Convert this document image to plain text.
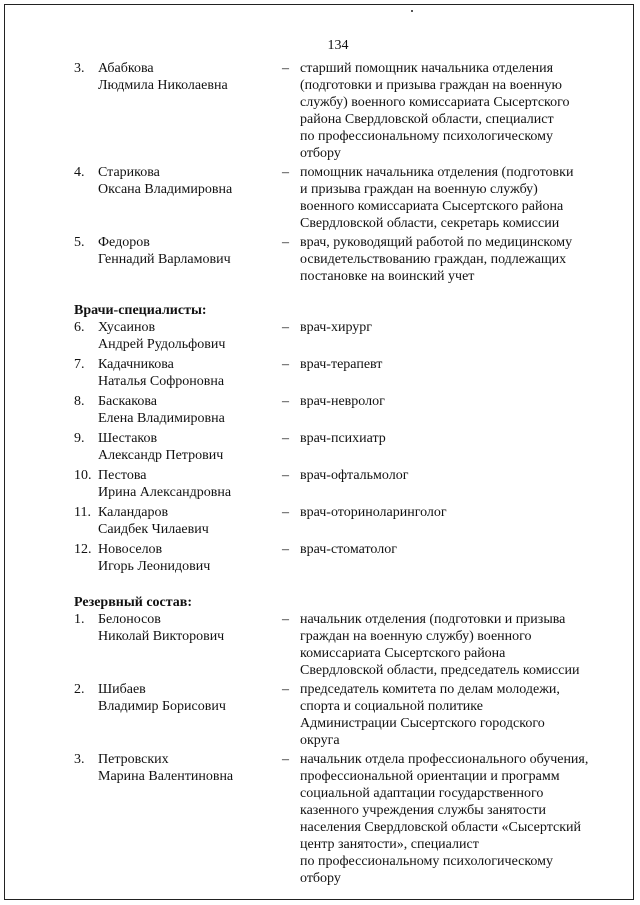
134
3. Абабкова
Людмила Николаевна
– старший помощник начальника отделения
(подготовки и призыва граждан на военную
службу) военного комиссариата Сысертского
района Свердловской области, специалист
по профессиональному психологическому
отбору
4. Старикова
Оксана Владимировна
– помощник начальника отделения (подготовки
и призыва граждан на военную службу)
военного комиссариата Сысертского района
Свердловской области, секретарь комиссии
5. Федоров
Геннадий Варламович
– врач, руководящий работой по медицинскому
освидетельствованию граждан, подлежащих
постановке на воинский учет
Врачи-специалисты:
6. Хусаинов
Андрей Рудольфович
– врач-хирург
7. Кадачникова
Наталья Софроновна
– врач-терапевт
8. Баскакова
Елена Владимировна
– врач-невролог
9. Шестаков
Александр Петрович
– врач-психиатр
10. Пестова
Ирина Александровна
– врач-офтальмолог
11. Каландаров
Саидбек Чилаевич
– врач-оториноларинголог
12. Новоселов
Игорь Леонидович
– врач-стоматолог
Резервный состав:
1. Белоносов
Николай Викторович
– начальник отделения (подготовки и призыва
граждан на военную службу) военного
комиссариата Сысертского района
Свердловской области, председатель комиссии
2. Шибаев
Владимир Борисович
– председатель комитета по делам молодежи,
спорта и социальной политике
Администрации Сысертского городского
округа
3. Петровских
Марина Валентиновна
– начальник отдела профессионального обучения,
профессиональной ориентации и программ
социальной адаптации государственного
казенного учреждения службы занятости
населения Свердловской области «Сысертский
центр занятости», специалист
по профессиональному психологическому
отбору
